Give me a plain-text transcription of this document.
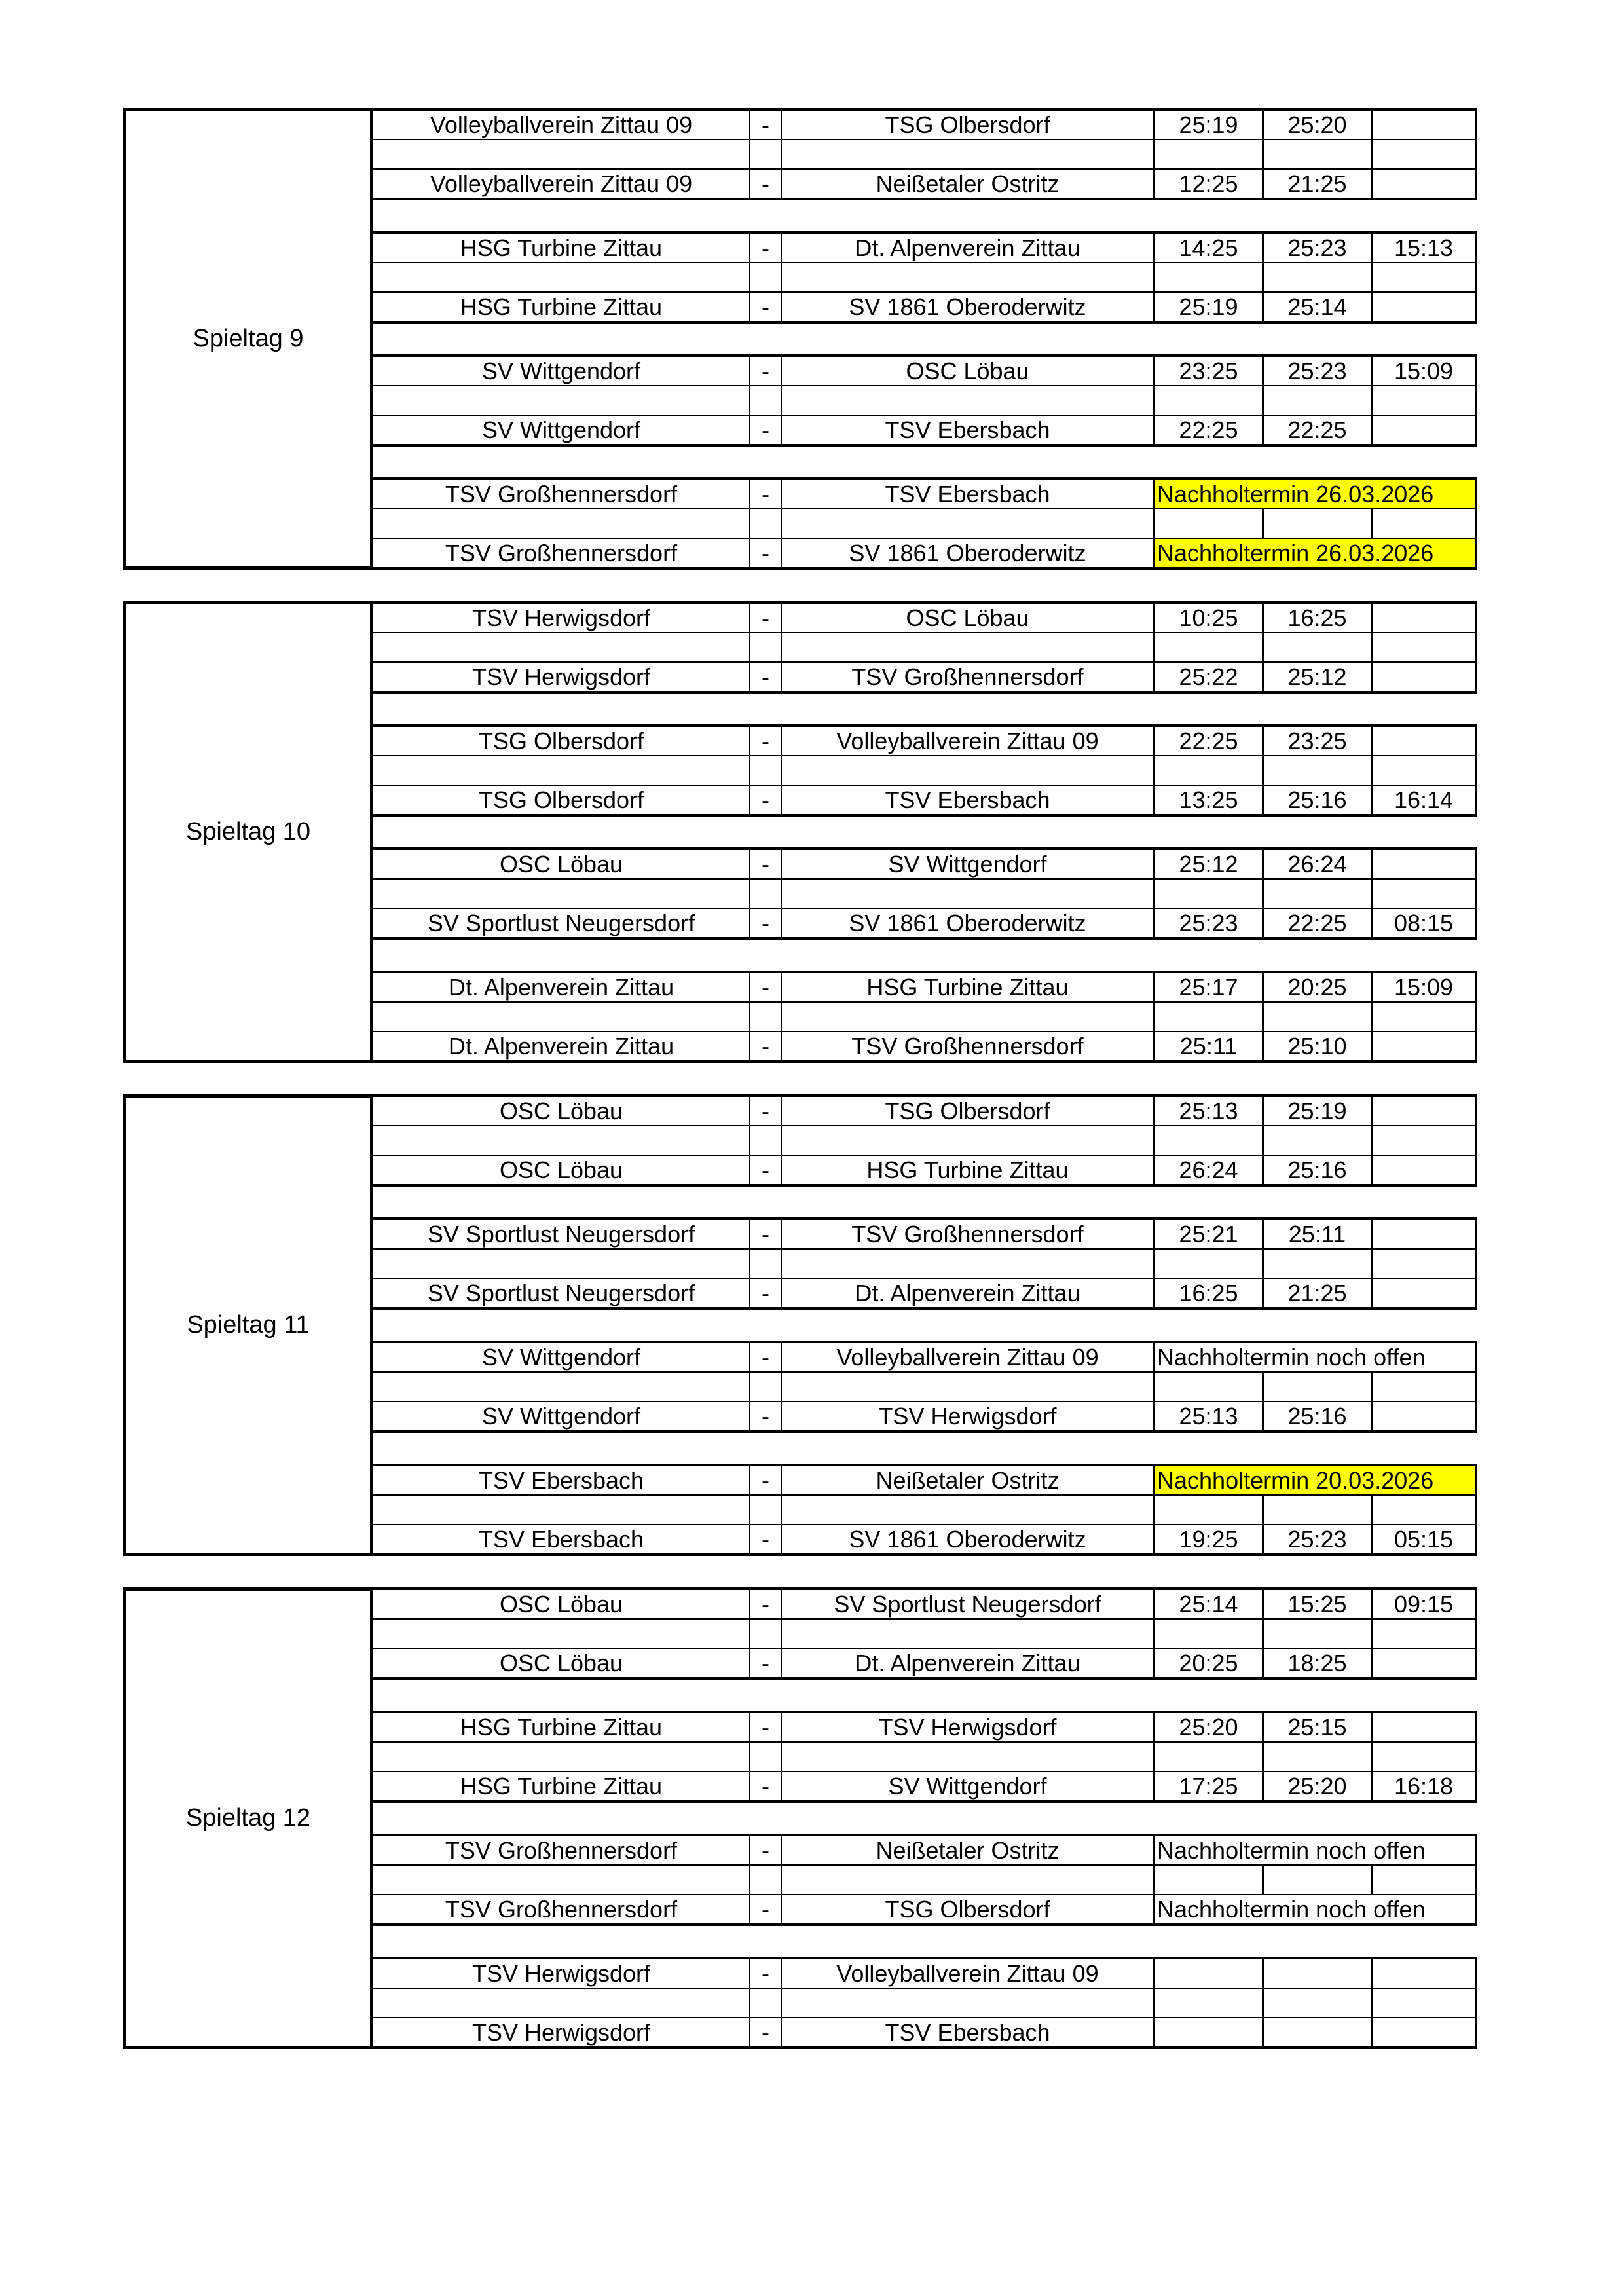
Spieltag 9
Volleyballverein Zittau 09	-	TSG Olbersdorf	25:19	25:20
Volleyballverein Zittau 09	-	Neißetaler Ostritz	12:25	21:25
HSG Turbine Zittau	-	Dt. Alpenverein Zittau	14:25	25:23	15:13
HSG Turbine Zittau	-	SV 1861 Oberoderwitz	25:19	25:14
SV Wittgendorf	-	OSC Löbau	23:25	25:23	15:09
SV Wittgendorf	-	TSV Ebersbach	22:25	22:25
TSV Großhennersdorf	-	TSV Ebersbach	Nachholtermin 26.03.2026
TSV Großhennersdorf	-	SV 1861 Oberoderwitz	Nachholtermin 26.03.2026
Spieltag 10
TSV Herwigsdorf	-	OSC Löbau	10:25	16:25
TSV Herwigsdorf	-	TSV Großhennersdorf	25:22	25:12
TSG Olbersdorf	-	Volleyballverein Zittau 09	22:25	23:25
TSG Olbersdorf	-	TSV Ebersbach	13:25	25:16	16:14
OSC Löbau	-	SV Wittgendorf	25:12	26:24
SV Sportlust Neugersdorf	-	SV 1861 Oberoderwitz	25:23	22:25	08:15
Dt. Alpenverein Zittau	-	HSG Turbine Zittau	25:17	20:25	15:09
Dt. Alpenverein Zittau	-	TSV Großhennersdorf	25:11	25:10
Spieltag 11
OSC Löbau	-	TSG Olbersdorf	25:13	25:19
OSC Löbau	-	HSG Turbine Zittau	26:24	25:16
SV Sportlust Neugersdorf	-	TSV Großhennersdorf	25:21	25:11
SV Sportlust Neugersdorf	-	Dt. Alpenverein Zittau	16:25	21:25
SV Wittgendorf	-	Volleyballverein Zittau 09	Nachholtermin noch offen
SV Wittgendorf	-	TSV Herwigsdorf	25:13	25:16
TSV Ebersbach	-	Neißetaler Ostritz	Nachholtermin 20.03.2026
TSV Ebersbach	-	SV 1861 Oberoderwitz	19:25	25:23	05:15
Spieltag 12
OSC Löbau	-	SV Sportlust Neugersdorf	25:14	15:25	09:15
OSC Löbau	-	Dt. Alpenverein Zittau	20:25	18:25
HSG Turbine Zittau	-	TSV Herwigsdorf	25:20	25:15
HSG Turbine Zittau	-	SV Wittgendorf	17:25	25:20	16:18
TSV Großhennersdorf	-	Neißetaler Ostritz	Nachholtermin noch offen
TSV Großhennersdorf	-	TSG Olbersdorf	Nachholtermin noch offen
TSV Herwigsdorf	-	Volleyballverein Zittau 09
TSV Herwigsdorf	-	TSV Ebersbach
